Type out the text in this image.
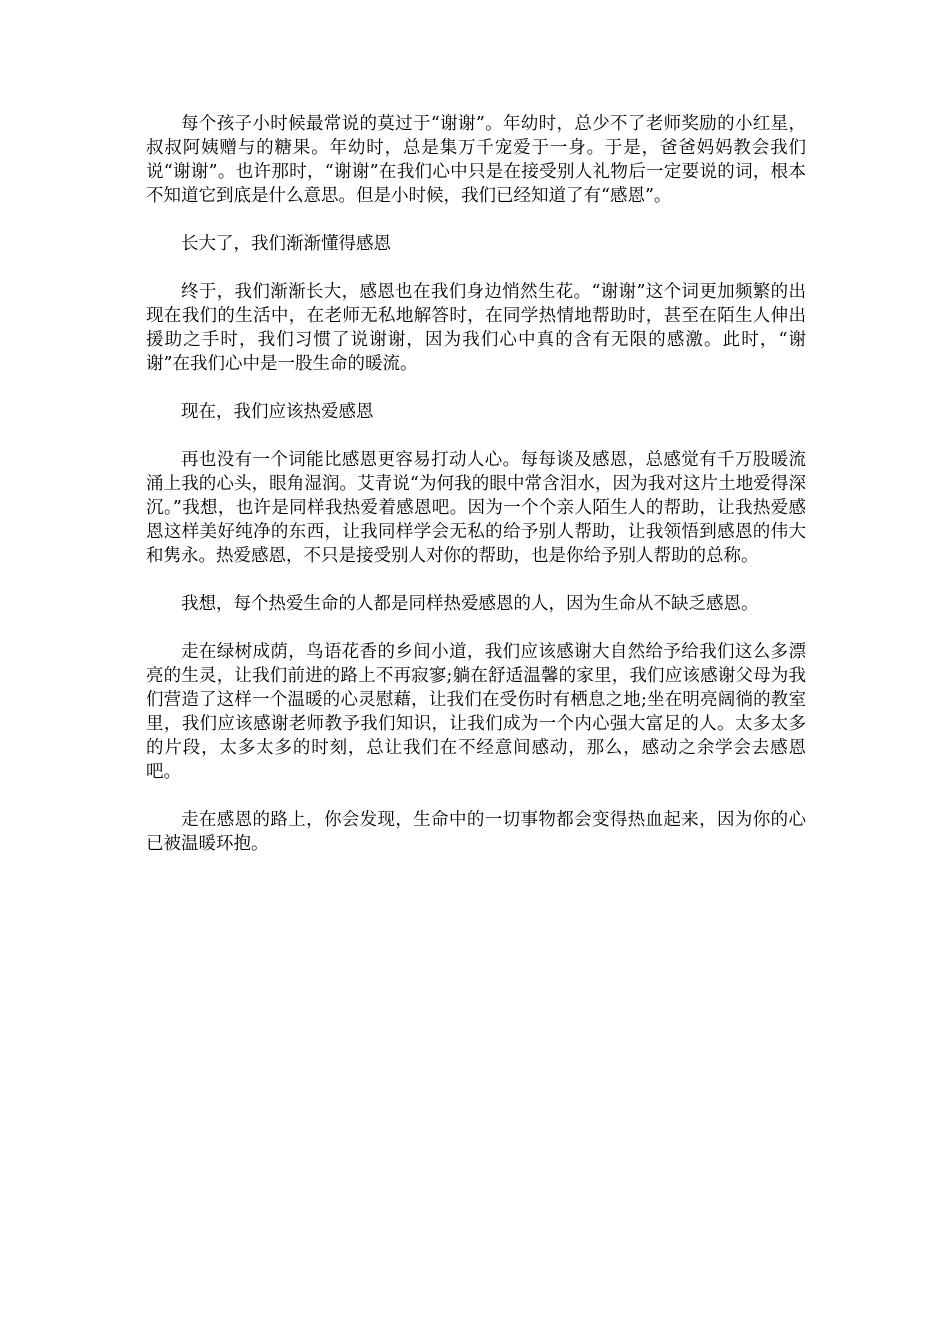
每个孩子小时候最常说的莫过于“谢谢”。年幼时，总少不了老师奖励的小红星，叔叔阿姨赠与的糖果。年幼时，总是集万千宠爱于一身。于是，爸爸妈妈教会我们说“谢谢”。也许那时，“谢谢”在我们心中只是在接受别人礼物后一定要说的词，根本不知道它到底是什么意思。但是小时候，我们已经知道了有“感恩”。

长大了，我们渐渐懂得感恩

终于，我们渐渐长大，感恩也在我们身边悄然生花。“谢谢”这个词更加频繁的出现在我们的生活中，在老师无私地解答时，在同学热情地帮助时，甚至在陌生人伸出援助之手时，我们习惯了说谢谢，因为我们心中真的含有无限的感激。此时，“谢谢”在我们心中是一股生命的暖流。

现在，我们应该热爱感恩

再也没有一个词能比感恩更容易打动人心。每每谈及感恩，总感觉有千万股暖流涌上我的心头，眼角湿润。艾青说“为何我的眼中常含泪水，因为我对这片土地爱得深沉。”我想，也许是同样我热爱着感恩吧。因为一个个亲人陌生人的帮助，让我热爱感恩这样美好纯净的东西，让我同样学会无私的给予别人帮助，让我领悟到感恩的伟大和隽永。热爱感恩，不只是接受别人对你的帮助，也是你给予别人帮助的总称。

我想，每个热爱生命的人都是同样热爱感恩的人，因为生命从不缺乏感恩。

走在绿树成荫，鸟语花香的乡间小道，我们应该感谢大自然给予给我们这么多漂亮的生灵，让我们前进的路上不再寂寥;躺在舒适温馨的家里，我们应该感谢父母为我们营造了这样一个温暖的心灵慰藉，让我们在受伤时有栖息之地;坐在明亮阔徜的教室里，我们应该感谢老师教予我们知识，让我们成为一个内心强大富足的人。太多太多的片段，太多太多的时刻，总让我们在不经意间感动，那么，感动之余学会去感恩吧。

走在感恩的路上，你会发现，生命中的一切事物都会变得热血起来，因为你的心已被温暖环抱。
